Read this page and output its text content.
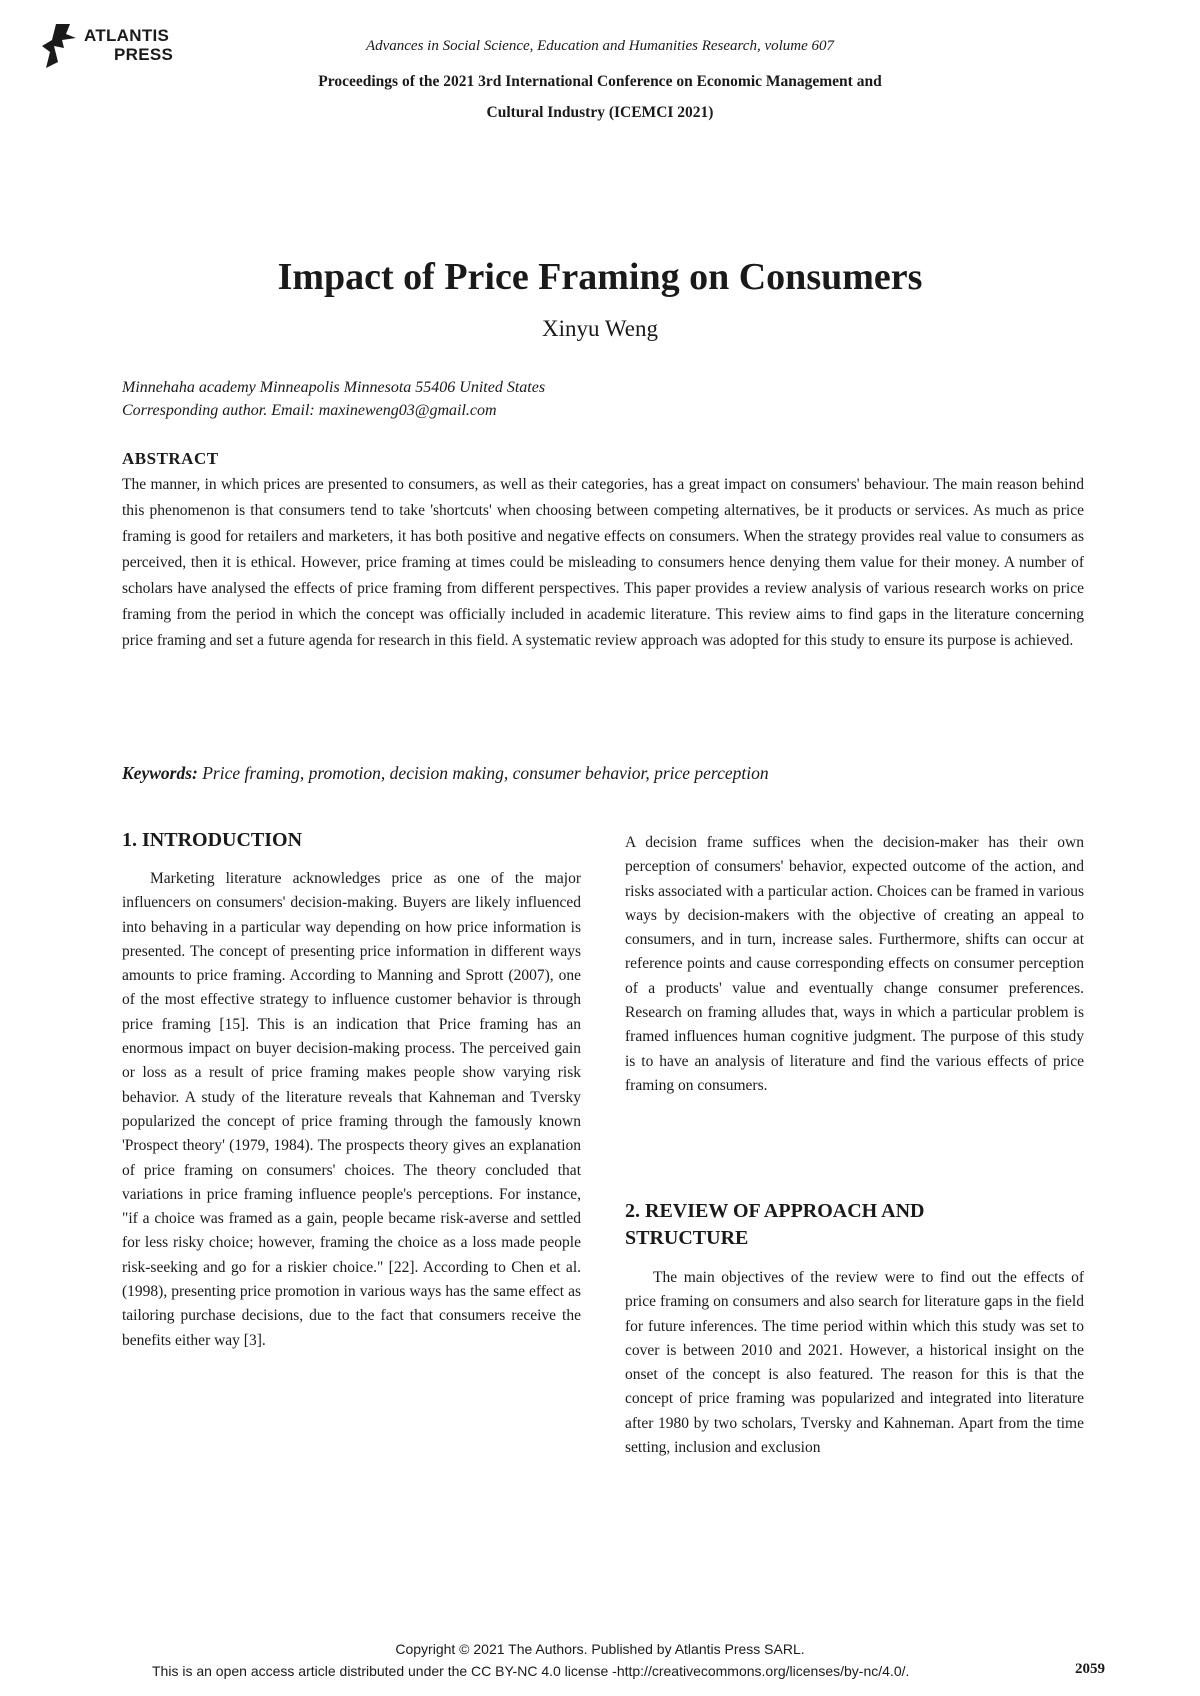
ATLANTIS
PRESS	Advances in Social Science, Education and Humanities Research, volume 607
Proceedings of the 2021 3rd International Conference on Economic Management and
Cultural Industry (ICEMCI 2021)
Impact of Price Framing on Consumers
Xinyu Weng
Minnehaha academy Minneapolis Minnesota 55406 United States
Corresponding author. Email: maxineweng03@gmail.com
ABSTRACT
The manner, in which prices are presented to consumers, as well as their categories, has a great impact on consumers' behaviour. The main reason behind this phenomenon is that consumers tend to take 'shortcuts' when choosing between competing alternatives, be it products or services. As much as price framing is good for retailers and marketers, it has both positive and negative effects on consumers. When the strategy provides real value to consumers as perceived, then it is ethical. However, price framing at times could be misleading to consumers hence denying them value for their money. A number of scholars have analysed the effects of price framing from different perspectives. This paper provides a review analysis of various research works on price framing from the period in which the concept was officially included in academic literature. This review aims to find gaps in the literature concerning price framing and set a future agenda for research in this field. A systematic review approach was adopted for this study to ensure its purpose is achieved.
Keywords: Price framing, promotion, decision making, consumer behavior, price perception
1. INTRODUCTION

Marketing literature acknowledges price as one of the major influencers on consumers' decision-making. Buyers are likely influenced into behaving in a particular way depending on how price information is presented. The concept of presenting price information in different ways amounts to price framing. According to Manning and Sprott (2007), one of the most effective strategy to influence customer behavior is through price framing [15]. This is an indication that Price framing has an enormous impact on buyer decision-making process. The perceived gain or loss as a result of price framing makes people show varying risk behavior. A study of the literature reveals that Kahneman and Tversky popularized the concept of price framing through the famously known 'Prospect theory' (1979, 1984). The prospects theory gives an explanation of price framing on consumers' choices. The theory concluded that variations in price framing influence people's perceptions. For instance, "if a choice was framed as a gain, people became risk-averse and settled for less risky choice; however, framing the choice as a loss made people risk-seeking and go for a riskier choice." [22]. According to Chen et al. (1998), presenting price promotion in various ways has the same effect as tailoring purchase decisions, due to the fact that consumers receive the benefits either way [3].

A decision frame suffices when the decision-maker has their own perception of consumers' behavior, expected outcome of the action, and risks associated with a particular action. Choices can be framed in various ways by decision-makers with the objective of creating an appeal to consumers, and in turn, increase sales. Furthermore, shifts can occur at reference points and cause corresponding effects on consumer perception of a products' value and eventually change consumer preferences. Research on framing alludes that, ways in which a particular problem is framed influences human cognitive judgment. The purpose of this study is to have an analysis of literature and find the various effects of price framing on consumers.

2. REVIEW OF APPROACH AND
STRUCTURE

The main objectives of the review were to find out the effects of price framing on consumers and also search for literature gaps in the field for future inferences. The time period within which this study was set to cover is between 2010 and 2021. However, a historical insight on the onset of the concept is also featured. The reason for this is that the concept of price framing was popularized and integrated into literature after 1980 by two scholars, Tversky and Kahneman. Apart from the time setting, inclusion and exclusion

Copyright © 2021 The Authors. Published by Atlantis Press SARL.
This is an open access article distributed under the CC BY-NC 4.0 license -http://creativecommons.org/licenses/by-nc/4.0/.	2059
